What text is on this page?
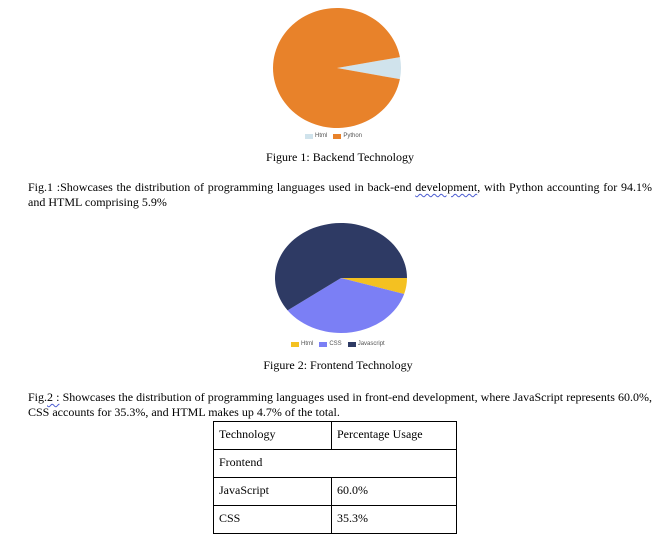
Html	Python
Figure 1: Backend Technology
Fig.1 :Showcases the distribution of programming languages used in back-end development, with Python accounting for 94.1% and HTML comprising 5.9%
Html	CSS	Javascript
Figure 2: Frontend Technology
Fig.2 : Showcases the distribution of programming languages used in front-end development, where JavaScript represents 60.0%, CSS accounts for 35.3%, and HTML makes up 4.7% of the total.
Technology	Percentage Usage
Frontend	
JavaScript	60.0%
CSS	35.3%
